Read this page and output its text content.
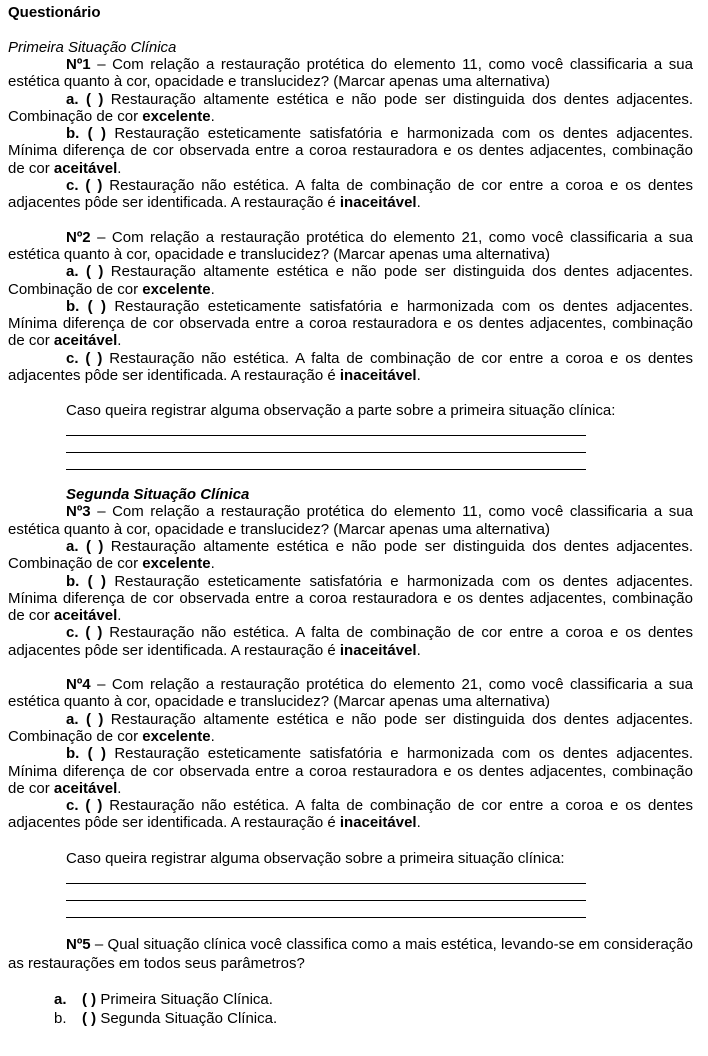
Questionário
Primeira Situação Clínica
Nº1 – Com relação a restauração protética do elemento 11, como você classificaria a sua estética quanto à cor, opacidade e translucidez? (Marcar apenas uma alternativa)
a. ( ) Restauração altamente estética e não pode ser distinguida dos dentes adjacentes. Combinação de cor excelente.
b. ( ) Restauração esteticamente satisfatória e harmonizada com os dentes adjacentes. Mínima diferença de cor observada entre a coroa restauradora e os dentes adjacentes, combinação de cor aceitável.
c. ( ) Restauração não estética. A falta de combinação de cor entre a coroa e os dentes adjacentes pôde ser identificada. A restauração é inaceitável.
Nº2 – Com relação a restauração protética do elemento 21, como você classificaria a sua estética quanto à cor, opacidade e translucidez? (Marcar apenas uma alternativa)
a. ( ) Restauração altamente estética e não pode ser distinguida dos dentes adjacentes. Combinação de cor excelente.
b. ( ) Restauração esteticamente satisfatória e harmonizada com os dentes adjacentes. Mínima diferença de cor observada entre a coroa restauradora e os dentes adjacentes, combinação de cor aceitável.
c. ( ) Restauração não estética. A falta de combinação de cor entre a coroa e os dentes adjacentes pôde ser identificada. A restauração é inaceitável.
Caso queira registrar alguma observação a parte sobre a primeira situação clínica:
Segunda Situação Clínica
Nº3 – Com relação a restauração protética do elemento 11, como você classificaria a sua estética quanto à cor, opacidade e translucidez? (Marcar apenas uma alternativa)
a. ( ) Restauração altamente estética e não pode ser distinguida dos dentes adjacentes. Combinação de cor excelente.
b. ( ) Restauração esteticamente satisfatória e harmonizada com os dentes adjacentes. Mínima diferença de cor observada entre a coroa restauradora e os dentes adjacentes, combinação de cor aceitável.
c. ( ) Restauração não estética. A falta de combinação de cor entre a coroa e os dentes adjacentes pôde ser identificada. A restauração é inaceitável.
Nº4 – Com relação a restauração protética do elemento 21, como você classificaria a sua estética quanto à cor, opacidade e translucidez? (Marcar apenas uma alternativa)
a. ( ) Restauração altamente estética e não pode ser distinguida dos dentes adjacentes. Combinação de cor excelente.
b. ( ) Restauração esteticamente satisfatória e harmonizada com os dentes adjacentes. Mínima diferença de cor observada entre a coroa restauradora e os dentes adjacentes, combinação de cor aceitável.
c. ( ) Restauração não estética. A falta de combinação de cor entre a coroa e os dentes adjacentes pôde ser identificada. A restauração é inaceitável.
Caso queira registrar alguma observação sobre a primeira situação clínica:
Nº5 – Qual situação clínica você classifica como a mais estética, levando-se em consideração as restaurações em todos seus parâmetros?
a. ( ) Primeira Situação Clínica.
b. ( ) Segunda Situação Clínica.
